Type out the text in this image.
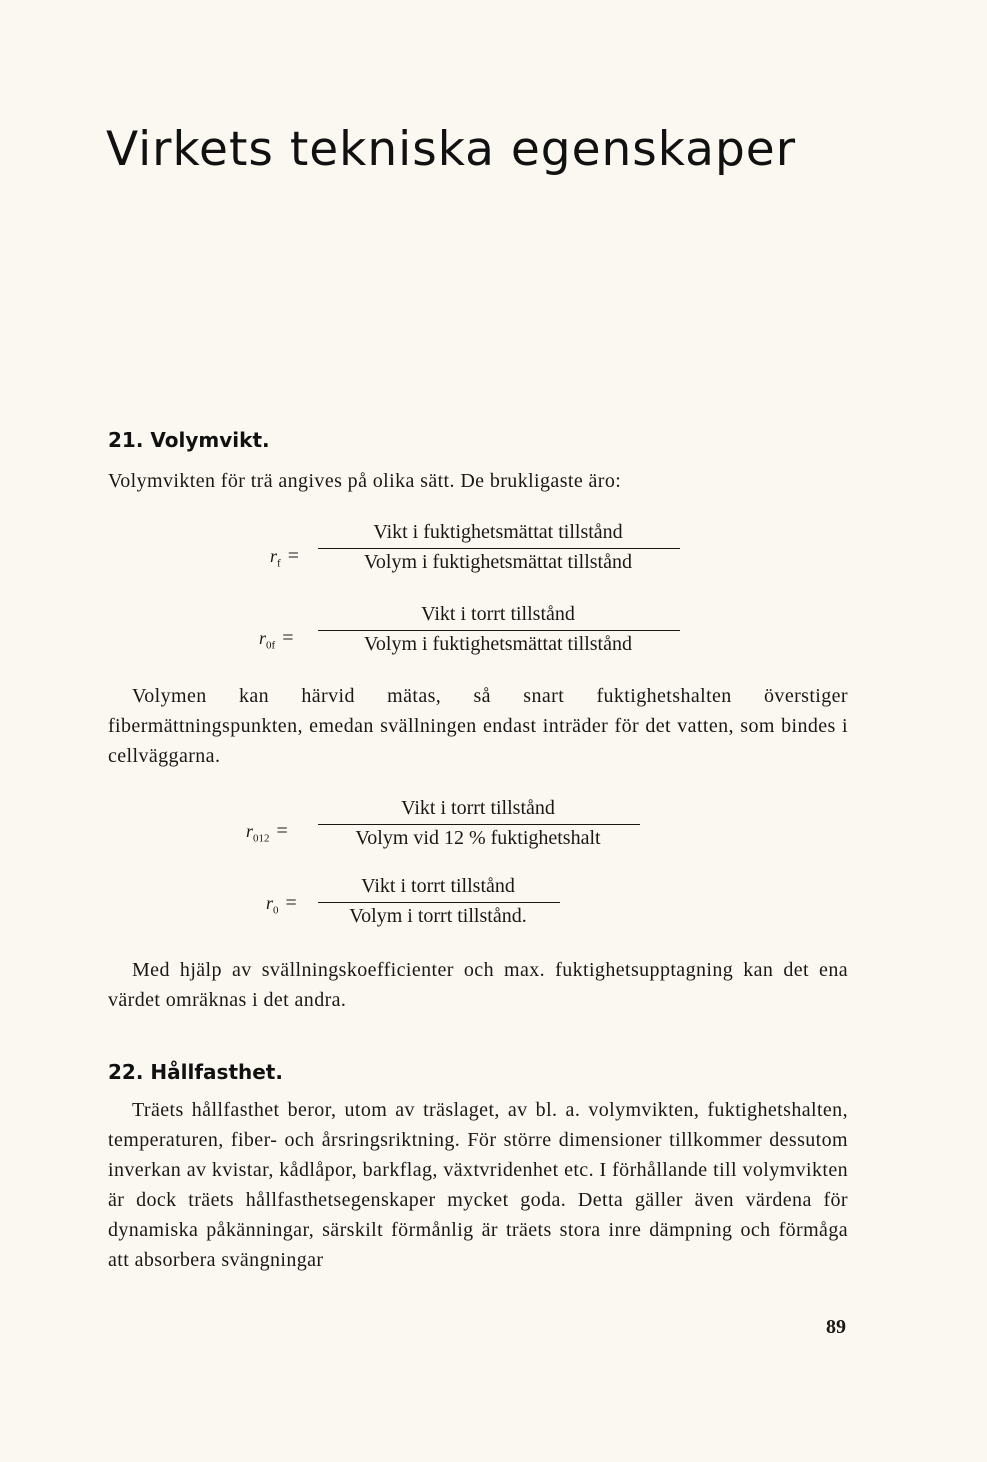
Virkets tekniska egenskaper
21. Volymvikt.

Volymvikten för trä angives på olika sätt. De brukligaste äro:

$r_f$ =
Vikt i fuktighetsmättat tillstånd
Volym i fuktighetsmättat tillstånd
$r_{0f}$ =
Vikt i torrt tillstånd
Volym i fuktighetsmättat tillstånd

Volymen kan härvid mätas, så snart fuktighetshalten överstiger fibermättningspunkten, emedan svällningen endast inträder för det vatten, som bindes i cellväggarna.

$r_{012}$ =
Vikt i torrt tillstånd
Volym vid 12 % fuktighetshalt
$r_0$ =
Vikt i torrt tillstånd
Volym i torrt tillstånd.

Med hjälp av svällningskoefficienter och max. fuktighetsupptagning kan det ena värdet omräknas i det andra.

22. Hållfasthet.

Träets hållfasthet beror, utom av träslaget, av bl. a. volymvikten, fuktighetshalten, temperaturen, fiber- och årsringsriktning. För större dimensioner tillkommer dessutom inverkan av kvistar, kådlåpor, barkflag, växtvridenhet etc. I förhållande till volymvikten är dock träets hållfasthetsegenskaper mycket goda. Detta gäller även värdena för dynamiska påkänningar, särskilt förmånlig är träets stora inre dämpning och förmåga att absorbera svängningar

89
